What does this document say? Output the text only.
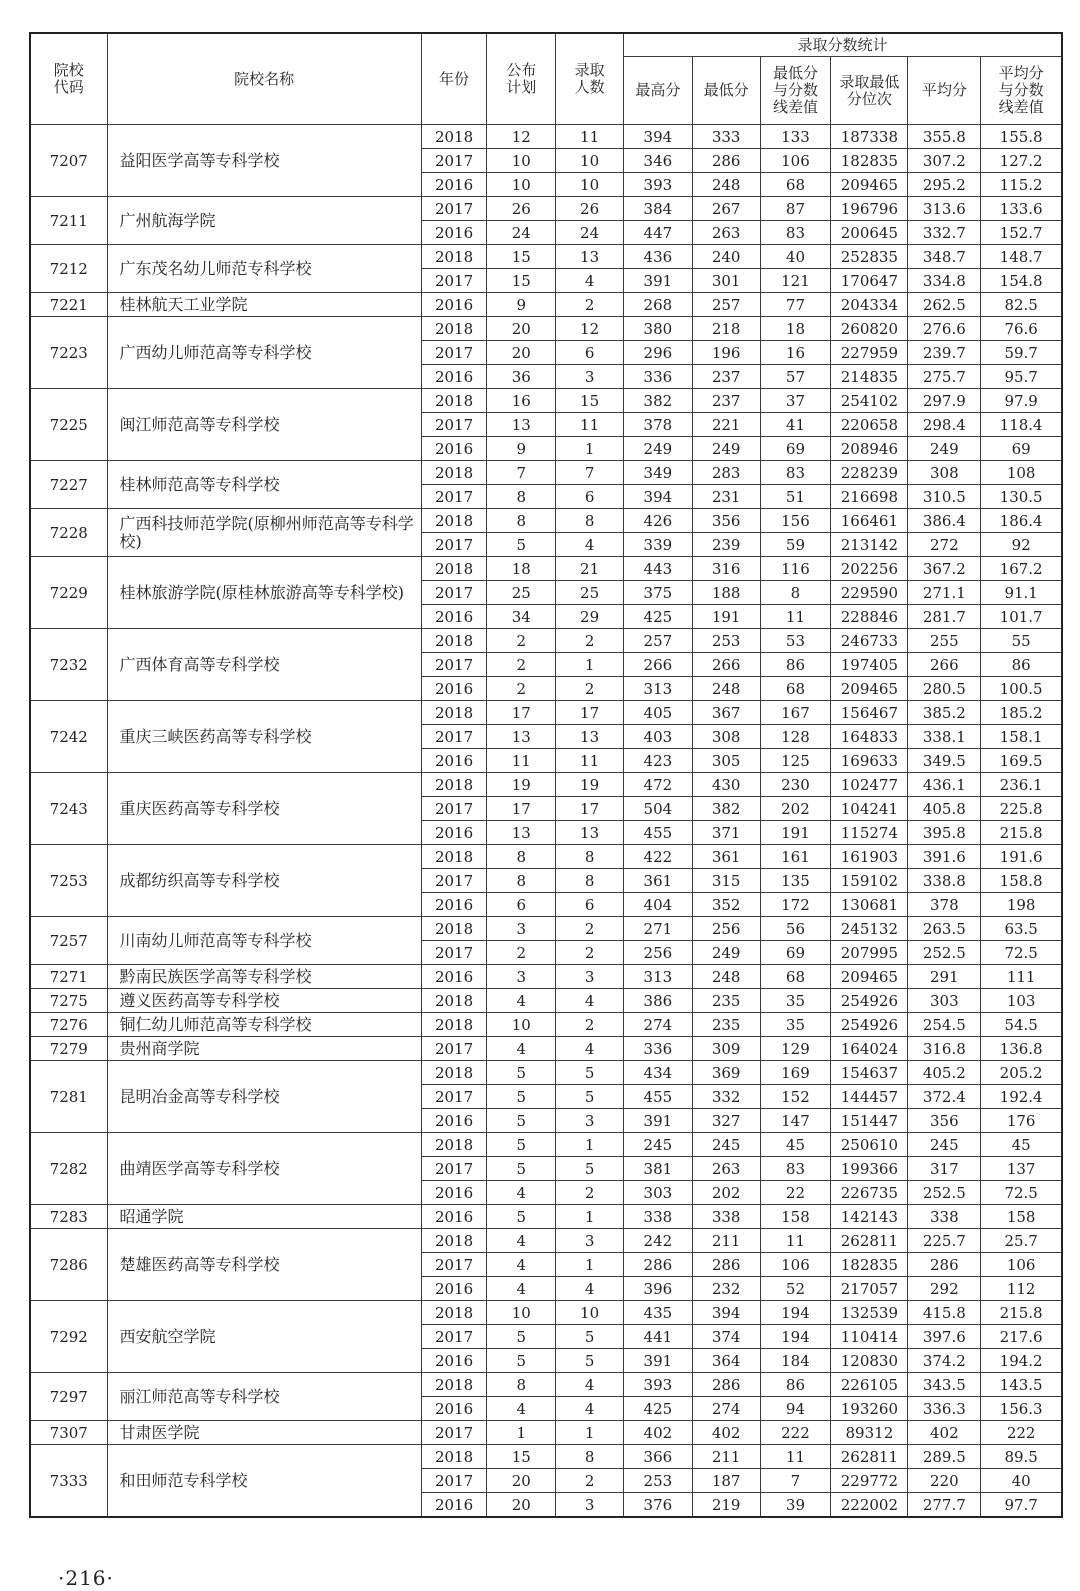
院校代码	院校名称	年份	公布计划	录取人数	录取分数统计					
					最高分	最低分	最低分与分数线差值	录取最低分位次	平均分	平均分与分数线差值

7207	益阳医学高等专科学校	2018	12	11	394	333	133	187338	355.8	155.8
		2017	10	10	346	286	106	182835	307.2	127.2
		2016	10	10	393	248	68	209465	295.2	115.2
7211	广州航海学院	2017	26	26	384	267	87	196796	313.6	133.6
		2016	24	24	447	263	83	200645	332.7	152.7
7212	广东茂名幼儿师范专科学校	2018	15	13	436	240	40	252835	348.7	148.7
		2017	15	4	391	301	121	170647	334.8	154.8
7221	桂林航天工业学院	2016	9	2	268	257	77	204334	262.5	82.5
7223	广西幼儿师范高等专科学校	2018	20	12	380	218	18	260820	276.6	76.6
		2017	20	6	296	196	16	227959	239.7	59.7
		2016	36	3	336	237	57	214835	275.7	95.7
7225	闽江师范高等专科学校	2018	16	15	382	237	37	254102	297.9	97.9
		2017	13	11	378	221	41	220658	298.4	118.4
		2016	9	1	249	249	69	208946	249	69
7227	桂林师范高等专科学校	2018	7	7	349	283	83	228239	308	108
		2017	8	6	394	231	51	216698	310.5	130.5
7228	广西科技师范学院(原柳州师范高等专科学校)	2018	8	8	426	356	156	166461	386.4	186.4
		2017	5	4	339	239	59	213142	272	92
7229	桂林旅游学院(原桂林旅游高等专科学校)	2018	18	21	443	316	116	202256	367.2	167.2
		2017	25	25	375	188	8	229590	271.1	91.1
		2016	34	29	425	191	11	228846	281.7	101.7
7232	广西体育高等专科学校	2018	2	2	257	253	53	246733	255	55
		2017	2	1	266	266	86	197405	266	86
		2016	2	2	313	248	68	209465	280.5	100.5
7242	重庆三峡医药高等专科学校	2018	17	17	405	367	167	156467	385.2	185.2
		2017	13	13	403	308	128	164833	338.1	158.1
		2016	11	11	423	305	125	169633	349.5	169.5
7243	重庆医药高等专科学校	2018	19	19	472	430	230	102477	436.1	236.1
		2017	17	17	504	382	202	104241	405.8	225.8
		2016	13	13	455	371	191	115274	395.8	215.8
7253	成都纺织高等专科学校	2018	8	8	422	361	161	161903	391.6	191.6
		2017	8	8	361	315	135	159102	338.8	158.8
		2016	6	6	404	352	172	130681	378	198
7257	川南幼儿师范高等专科学校	2018	3	2	271	256	56	245132	263.5	63.5
		2017	2	2	256	249	69	207995	252.5	72.5
7271	黔南民族医学高等专科学校	2016	3	3	313	248	68	209465	291	111
7275	遵义医药高等专科学校	2018	4	4	386	235	35	254926	303	103
7276	铜仁幼儿师范高等专科学校	2018	10	2	274	235	35	254926	254.5	54.5
7279	贵州商学院	2017	4	4	336	309	129	164024	316.8	136.8
7281	昆明冶金高等专科学校	2018	5	5	434	369	169	154637	405.2	205.2
		2017	5	5	455	332	152	144457	372.4	192.4
		2016	5	3	391	327	147	151447	356	176
7282	曲靖医学高等专科学校	2018	5	1	245	245	45	250610	245	45
		2017	5	5	381	263	83	199366	317	137
		2016	4	2	303	202	22	226735	252.5	72.5
7283	昭通学院	2016	5	1	338	338	158	142143	338	158
7286	楚雄医药高等专科学校	2018	4	3	242	211	11	262811	225.7	25.7
		2017	4	1	286	286	106	182835	286	106
		2016	4	4	396	232	52	217057	292	112
7292	西安航空学院	2018	10	10	435	394	194	132539	415.8	215.8
		2017	5	5	441	374	194	110414	397.6	217.6
		2016	5	5	391	364	184	120830	374.2	194.2
7297	丽江师范高等专科学校	2018	8	4	393	286	86	226105	343.5	143.5
		2016	4	4	425	274	94	193260	336.3	156.3
7307	甘肃医学院	2017	1	1	402	402	222	89312	402	222
7333	和田师范专科学校	2018	15	8	366	211	11	262811	289.5	89.5
		2017	20	2	253	187	7	229772	220	40
		2016	20	3	376	219	39	222002	277.7	97.7
·216·
